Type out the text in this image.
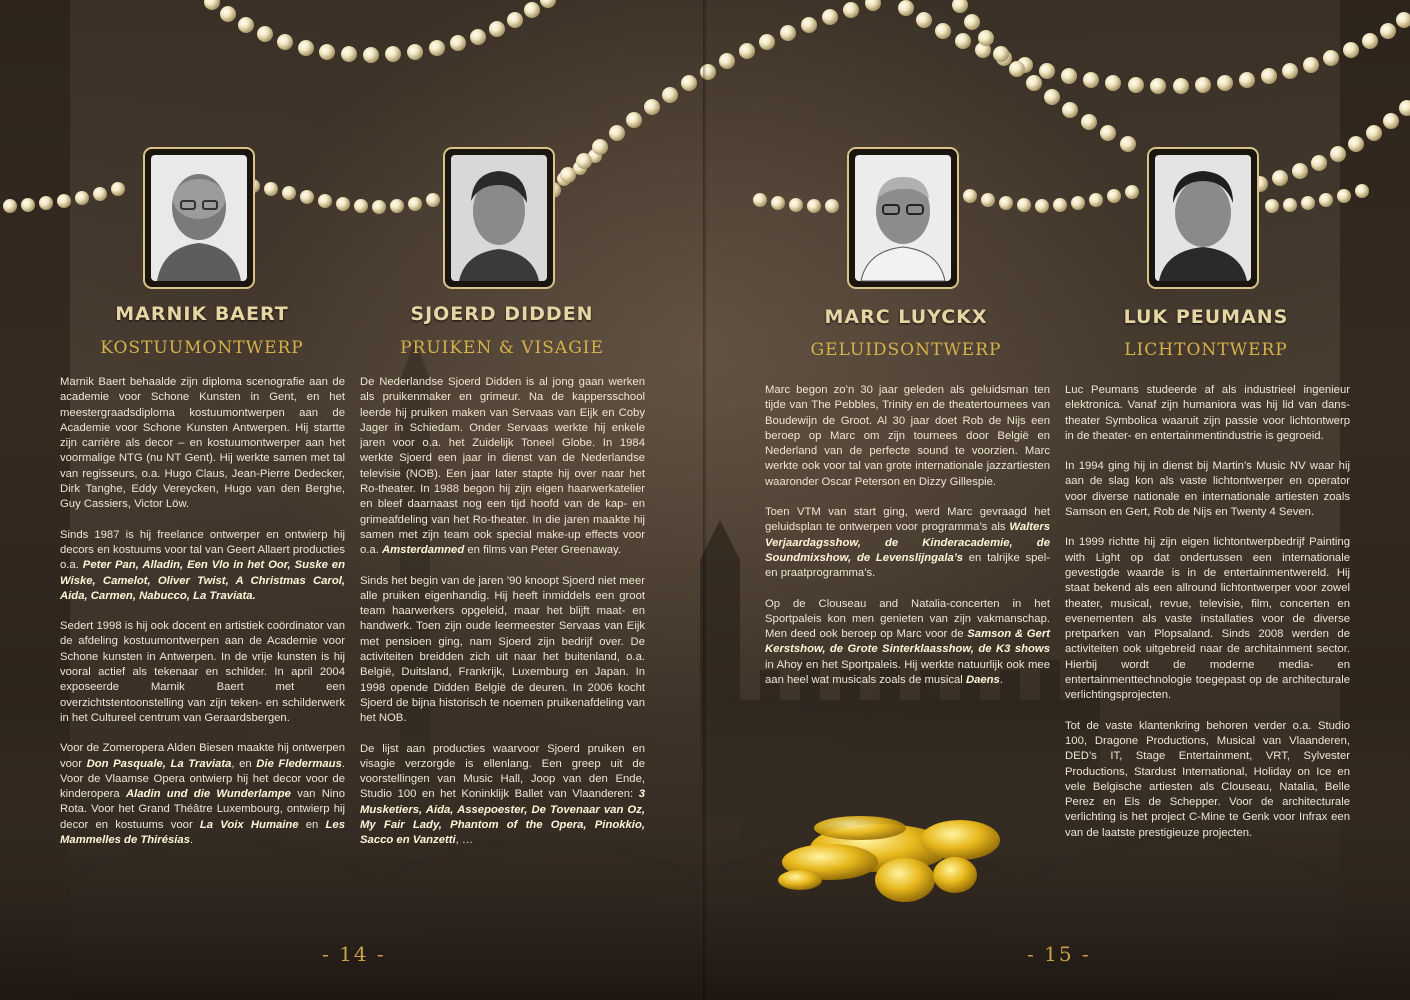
MARNIK BAERT
KOSTUUMONTWERP
SJOERD DIDDEN
PRUIKEN & VISAGIE
MARC LUYCKX
GELUIDSONTWERP
LUK PEUMANS
LICHTONTWERP

Marnik Baert behaalde zijn diploma scenografie aan de academie voor Schone Kunsten in Gent, en het meestergraadsdiploma kostuumontwerpen aan de Academie voor Schone Kunsten Antwerpen. Hij startte zijn carrière als decor – en kostuumontwerper aan het voormalige NTG (nu NT Gent). Hij werkte samen met tal van regisseurs, o.a. Hugo Claus, Jean-Pierre Dedecker, Dirk Tanghe, Eddy Vereycken, Hugo van den Berghe, Guy Cassiers, Victor Löw.

Sinds 1987 is hij freelance ontwerper en ontwierp hij decors en kostuums voor tal van Geert Allaert producties o.a. Peter Pan, Alladin, Een Vlo in het Oor, Suske en Wiske, Camelot, Oliver Twist, A Christmas Carol, Aida, Carmen, Nabucco, La Traviata.

Sedert 1998 is hij ook docent en artistiek coördinator van de afdeling kostuumontwerpen aan de Academie voor Schone kunsten in Antwerpen. In de vrije kunsten is hij vooral actief als tekenaar en schilder. In april 2004 exposeerde Marnik Baert met een overzichtstentoonstelling van zijn teken- en schilderwerk in het Cultureel centrum van Geraardsbergen.

Voor de Zomeropera Alden Biesen maakte hij ontwerpen voor Don Pasquale, La Traviata, en Die Fledermaus. Voor de Vlaamse Opera ontwierp hij het decor voor de kinderopera Aladin und die Wunderlampe van Nino Rota. Voor het Grand Théâtre Luxembourg, ontwierp hij decor en kostuums voor La Voix Humaine en Les Mammelles de Thirésias.

De Nederlandse Sjoerd Didden is al jong gaan werken als pruikenmaker en grimeur. Na de kappersschool leerde hij pruiken maken van Servaas van Eijk en Coby Jager in Schiedam. Onder Servaas werkte hij enkele jaren voor o.a. het Zuidelijk Toneel Globe. In 1984 werkte Sjoerd een jaar in dienst van de Nederlandse televisie (NOB). Een jaar later stapte hij over naar het Ro-theater. In 1988 begon hij zijn eigen haarwerkatelier en bleef daarnaast nog een tijd hoofd van de kap- en grimeafdeling van het Ro-theater. In die jaren maakte hij samen met zijn team ook special make-up effects voor o.a. Amsterdamned en films van Peter Greenaway.

Sinds het begin van de jaren ’90 knoopt Sjoerd niet meer alle pruiken eigenhandig. Hij heeft inmiddels een groot team haarwerkers opgeleid, maar het blijft maat- en handwerk. Toen zijn oude leermeester Servaas van Eijk met pensioen ging, nam Sjoerd zijn bedrijf over. De activiteiten breidden zich uit naar het buitenland, o.a. België, Duitsland, Frankrijk, Luxemburg en Japan. In 1998 opende Didden België de deuren. In 2006 kocht Sjoerd de bijna historisch te noemen pruikenafdeling van het NOB.

De lijst aan producties waarvoor Sjoerd pruiken en visagie verzorgde is ellenlang. Een greep uit de voorstellingen van Music Hall, Joop van den Ende, Studio 100 en het Koninklijk Ballet van Vlaanderen: 3 Musketiers, Aida, Assepoester, De Tovenaar van Oz, My Fair Lady, Phantom of the Opera, Pinokkio, Sacco en Vanzetti, …

Marc begon zo’n 30 jaar geleden als geluidsman ten tijde van The Pebbles, Trinity en de theatertournees van Boudewijn de Groot. Al 30 jaar doet Rob de Nijs een beroep op Marc om zijn tournees door België en Nederland van de perfecte sound te voorzien. Marc werkte ook voor tal van grote internationale jazzartiesten waaronder Oscar Peterson en Dizzy Gillespie.

Toen VTM van start ging, werd Marc gevraagd het geluidsplan te ontwerpen voor programma’s als Walters Verjaardagsshow, de Kinderacademie, de Soundmixshow, de Levenslijngala’s en talrijke spel- en praatprogramma’s.

Op de Clouseau and Natalia-concerten in het Sportpaleis kon men genieten van zijn vakmanschap. Men deed ook beroep op Marc voor de Samson & Gert Kerstshow, de Grote Sinterklaasshow, de K3 shows in Ahoy en het Sportpaleis. Hij werkte natuurlijk ook mee aan heel wat musicals zoals de musical Daens.

Luc Peumans studeerde af als industrieel ingenieur elektronica. Vanaf zijn humaniora was hij lid van danstheater Symbolica waaruit zijn passie voor lichtontwerp in de theater- en entertainmentindustrie is gegroeid.

In 1994 ging hij in dienst bij Martin’s Music NV waar hij aan de slag kon als vaste lichtontwerper en operator voor diverse nationale en internationale artiesten zoals Samson en Gert, Rob de Nijs en Twenty 4 Seven.

In 1999 richtte hij zijn eigen lichtontwerpbedrijf Painting with Light op dat ondertussen een internationale gevestigde waarde is in de entertainmentwereld. Hij staat bekend als een allround lichtontwerper voor zowel theater, musical, revue, televisie, film, concerten en evenementen als vaste installaties voor de diverse pretparken van Plopsaland. Sinds 2008 werden de activiteiten ook uitgebreid naar de architainment sector. Hierbij wordt de moderne media- en entertainmenttechnologie toegepast op de architecturale verlichtingsprojecten.

Tot de vaste klantenkring behoren verder o.a. Studio 100, Dragone Productions, Musical van Vlaanderen, DED’s IT, Stage Entertainment, VRT, Sylvester Productions, Stardust International, Holiday on Ice en vele Belgische artiesten als Clouseau, Natalia, Belle Perez en Els de Schepper. Voor de architecturale verlichting is het project C-Mine te Genk voor Infrax een van de laatste prestigieuze projecten.

- 14 -	- 15 -
